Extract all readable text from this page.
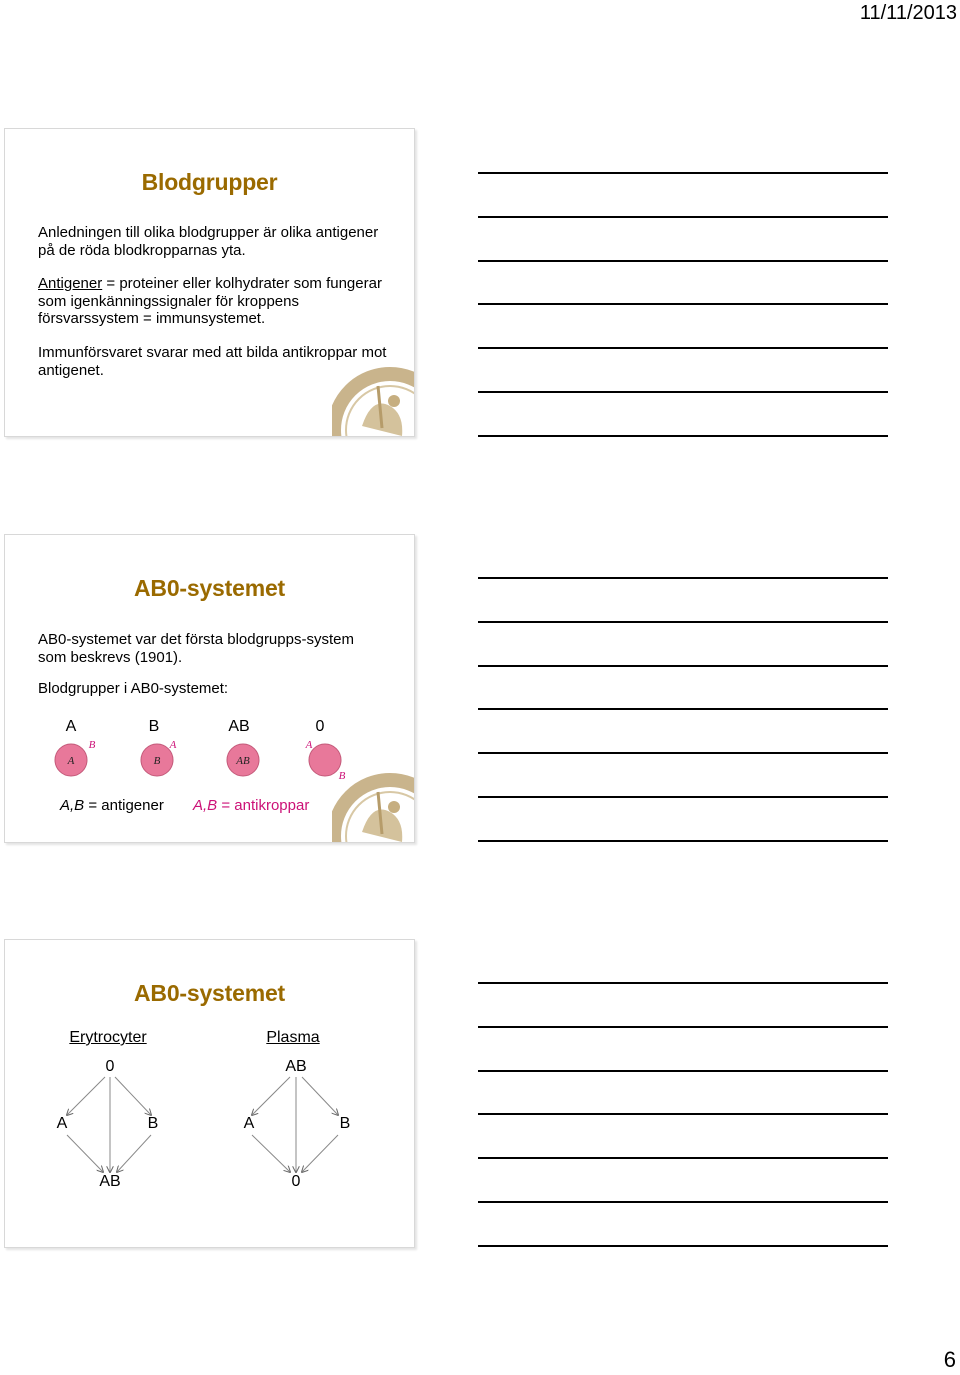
11/11/2013
Blodgrupper
Anledningen till olika blodgrupper är olika antigener på de röda blodkropparnas yta.
Antigener = proteiner eller kolhydrater som fungerar som igenkänningssignaler för kroppens försvarssystem = immunsystemet.
Immunförsvaret svarar med att bilda antikroppar mot antigenet.
AB0-systemet
AB0-systemet var det första blodgrupps-system som beskrevs (1901).
Blodgrupper i AB0-systemet:
A	B	AB	0
A
B
B
A
AB
A
B
A,B = antigener A,B = antikroppar
AB0-systemet
Erytrocyter	Plasma
0
A	B
AB
AB
A	B
0
6
